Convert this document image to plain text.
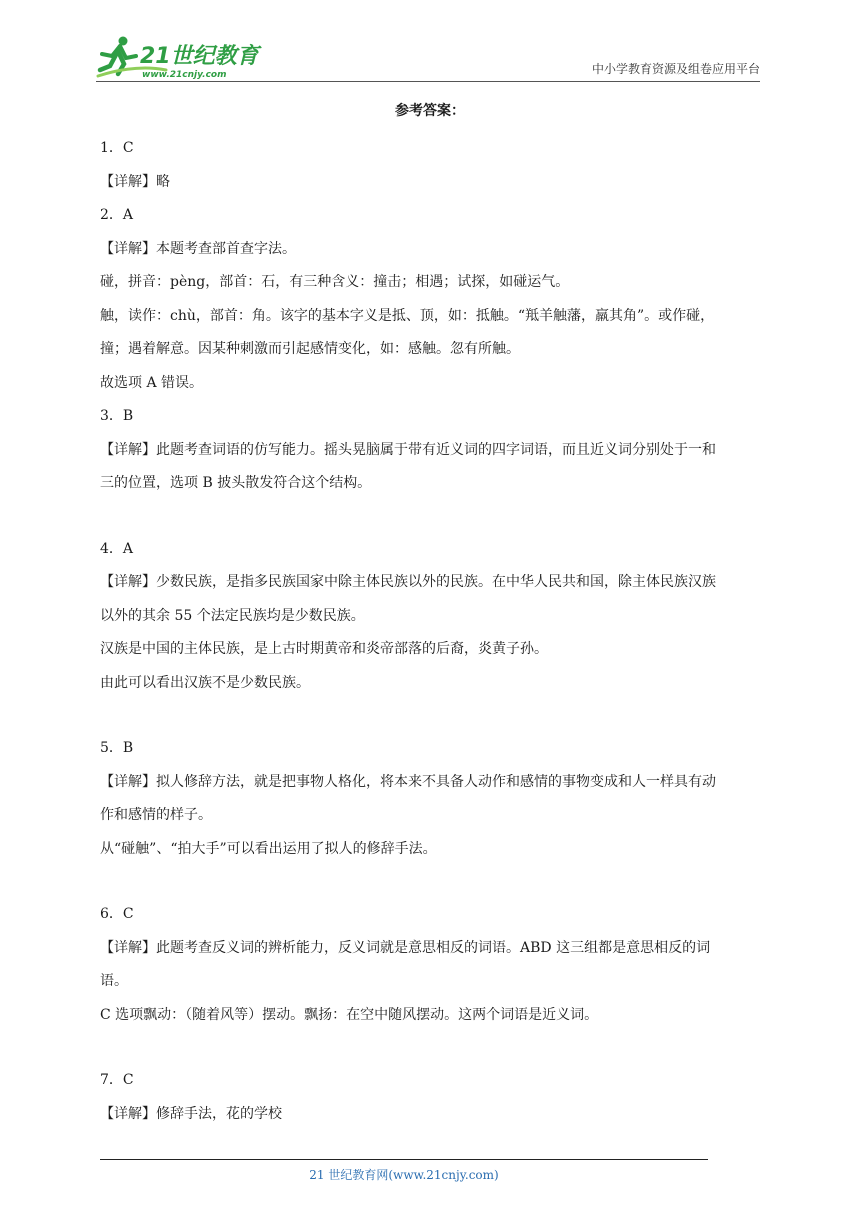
21世纪教育
www.21cnjy.com	中小学教育资源及组卷应用平台
参考答案：
1．C
【详解】略
2．A
【详解】本题考查部首查字法。
碰，拼音：pèng，部首：石，有三种含义：撞击；相遇；试探，如碰运气。
触，读作：chù，部首：角。该字的基本字义是抵、顶，如：抵触。“羝羊触藩，羸其角”。或作碰，
撞；遇着解意。因某种刺激而引起感情变化，如：感触。忽有所触。
故选项 A 错误。
3．B
【详解】此题考查词语的仿写能力。摇头晃脑属于带有近义词的四字词语，而且近义词分别处于一和
三的位置，选项 B 披头散发符合这个结构。
4．A
【详解】少数民族，是指多民族国家中除主体民族以外的民族。在中华人民共和国，除主体民族汉族
以外的其余 55 个法定民族均是少数民族。
汉族是中国的主体民族，是上古时期黄帝和炎帝部落的后裔，炎黄子孙。
由此可以看出汉族不是少数民族。
5．B
【详解】拟人修辞方法，就是把事物人格化，将本来不具备人动作和感情的事物变成和人一样具有动
作和感情的样子。
从“碰触”、“拍大手”可以看出运用了拟人的修辞手法。
6．C
【详解】此题考查反义词的辨析能力，反义词就是意思相反的词语。ABD 这三组都是意思相反的词
语。
C 选项飘动：（随着风等）摆动。飘扬：在空中随风摆动。这两个词语是近义词。
7．C
【详解】修辞手法，花的学校
21 世纪教育网(www.21cnjy.com)
